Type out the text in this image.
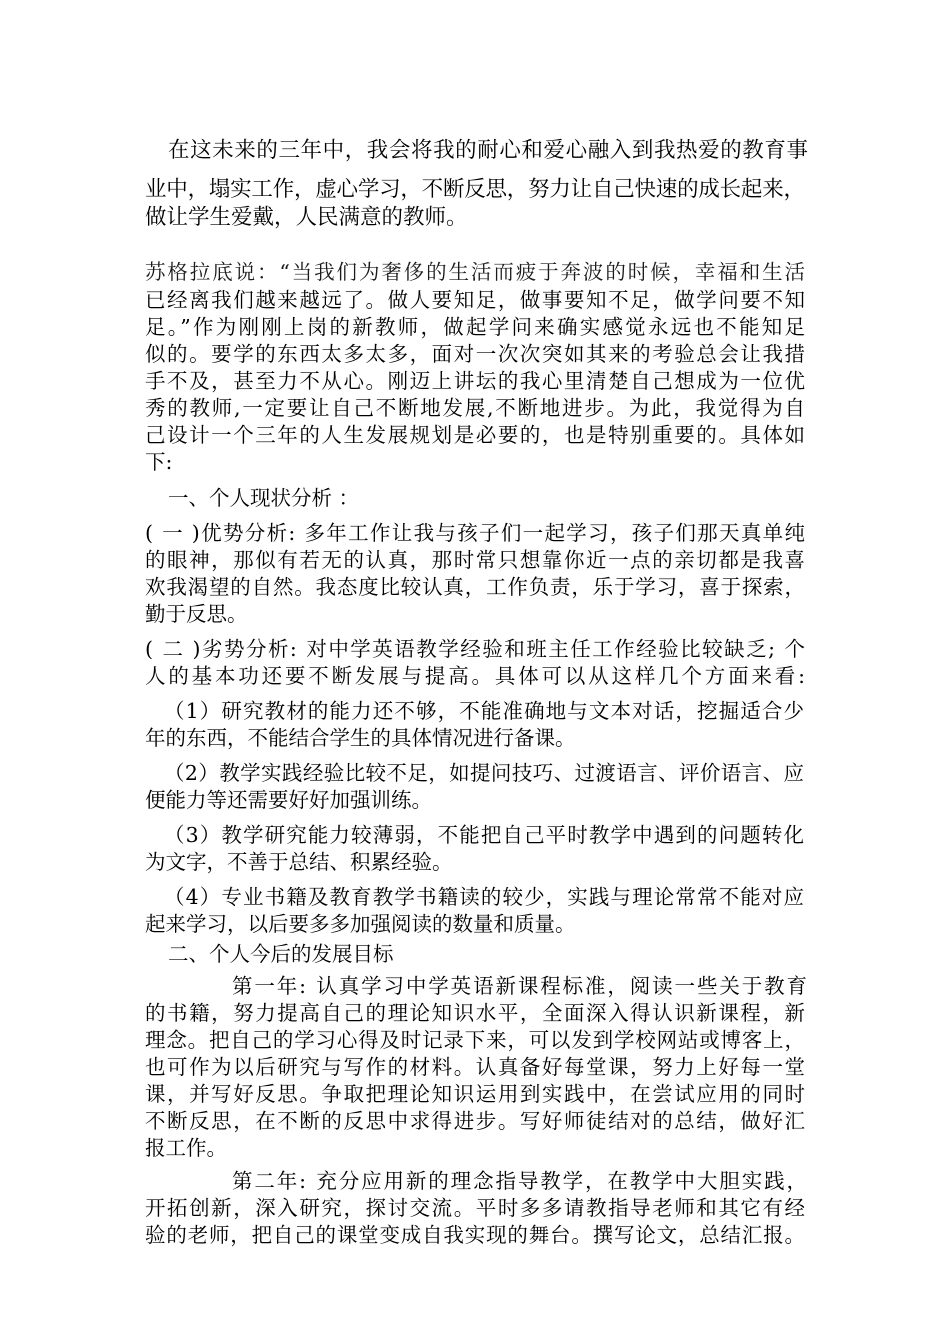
在这未来的三年中，我会将我的耐心和爱心融入到我热爱的教育事
业中，塌实工作，虚心学习，不断反思，努力让自己快速的成长起来，
做让学生爱戴，人民满意的教师。
苏格拉底说：“当我们为奢侈的生活而疲于奔波的时候，幸福和生活
已经离我们越来越远了。做人要知足，做事要知不足，做学问要不知
足。”作为刚刚上岗的新教师，做起学问来确实感觉永远也不能知足
似的。要学的东西太多太多，面对一次次突如其来的考验总会让我措
手不及，甚至力不从心。刚迈上讲坛的我心里清楚自己想成为一位优
秀的教师,一定要让自己不断地发展,不断地进步。为此，我觉得为自
己设计一个三年的人生发展规划是必要的，也是特别重要的。具体如
下:
一、个人现状分析 ：
( 一 )优势分析: 多年工作让我与孩子们一起学习，孩子们那天真单纯
的眼神，那似有若无的认真，那时常只想靠你近一点的亲切都是我喜
欢我渴望的自然。我态度比较认真，工作负责，乐于学习，喜于探索，
勤于反思。
( 二 )劣势分析: 对中学英语教学经验和班主任工作经验比较缺乏; 个
人的基本功还要不断发展与提高。具体可以从这样几个方面来看:
（1）研究教材的能力还不够，不能准确地与文本对话，挖掘适合少
年的东西，不能结合学生的具体情况进行备课。
（2）教学实践经验比较不足，如提问技巧、过渡语言、评价语言、应
便能力等还需要好好加强训练。
（3）教学研究能力较薄弱，不能把自己平时教学中遇到的问题转化
为文字，不善于总结、积累经验。
（4）专业书籍及教育教学书籍读的较少，实践与理论常常不能对应
起来学习，以后要多多加强阅读的数量和质量。
二、个人今后的发展目标
第一年: 认真学习中学英语新课程标准，阅读一些关于教育
的书籍，努力提高自己的理论知识水平，全面深入得认识新课程，新
理念。把自己的学习心得及时记录下来，可以发到学校网站或博客上，
也可作为以后研究与写作的材料。认真备好每堂课，努力上好每一堂
课，并写好反思。争取把理论知识运用到实践中，在尝试应用的同时
不断反思，在不断的反思中求得进步。写好师徒结对的总结，做好汇
报工作。
第二年: 充分应用新的理念指导教学，在教学中大胆实践，
开拓创新，深入研究，探讨交流。平时多多请教指导老师和其它有经
验的老师，把自己的课堂变成自我实现的舞台。撰写论文，总结汇报。
